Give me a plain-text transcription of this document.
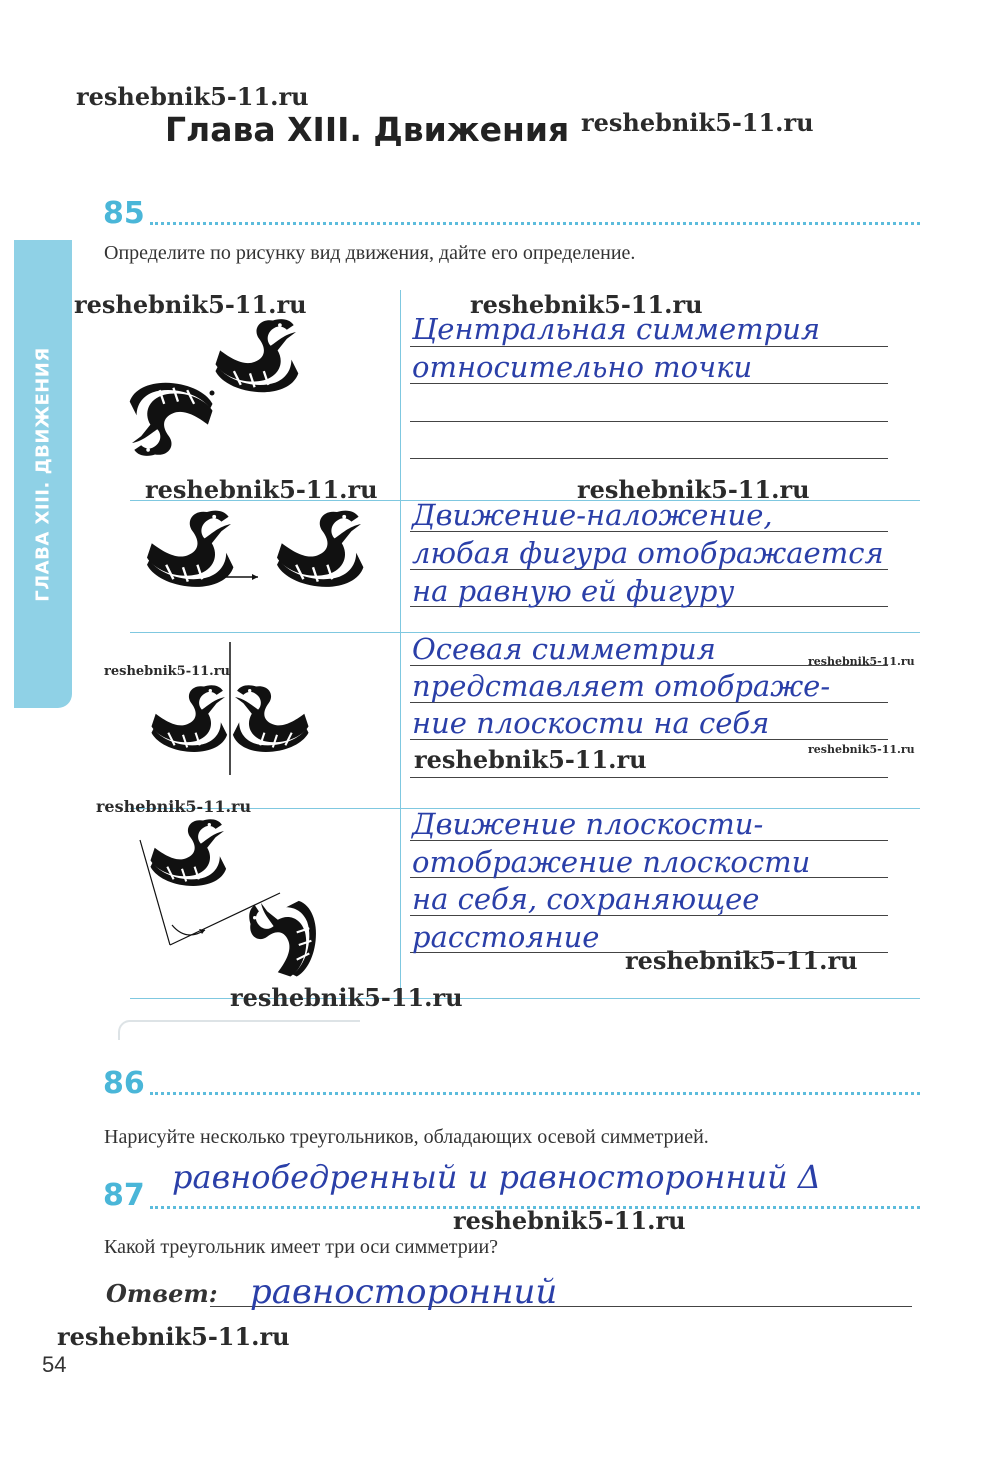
ГЛАВА XIII. ДВИЖЕНИЯ
Глава XIII. Движения
85
Определите по рисунку вид движения, дайте его определение.
Центральная симметрия
относительно точки
Движение-наложение,
любая фигура отображается
на равную ей фигуру
Осевая симметрия
представляет отображе-
ние плоскости на себя
Движение плоскости-
отображение плоскости
на себя, сохраняющее
расстояние
86
Нарисуйте несколько треугольников, обладающих осевой симметрией.
равнобедренный и равносторонний Δ
87
Какой треугольник имеет три оси симметрии?
Ответ: равносторонний
54
reshebnik5-11.ru
reshebnik5-11.ru
reshebnik5-11.ru	reshebnik5-11.ru
reshebnik5-11.ru	reshebnik5-11.ru
reshebnik5-11.ru
reshebnik5-11.ru
reshebnik5-11.ru
reshebnik5-11.ru
reshebnik5-11.ru
reshebnik5-11.ru
reshebnik5-11.ru
reshebnik5-11.ru
reshebnik5-11.ru
